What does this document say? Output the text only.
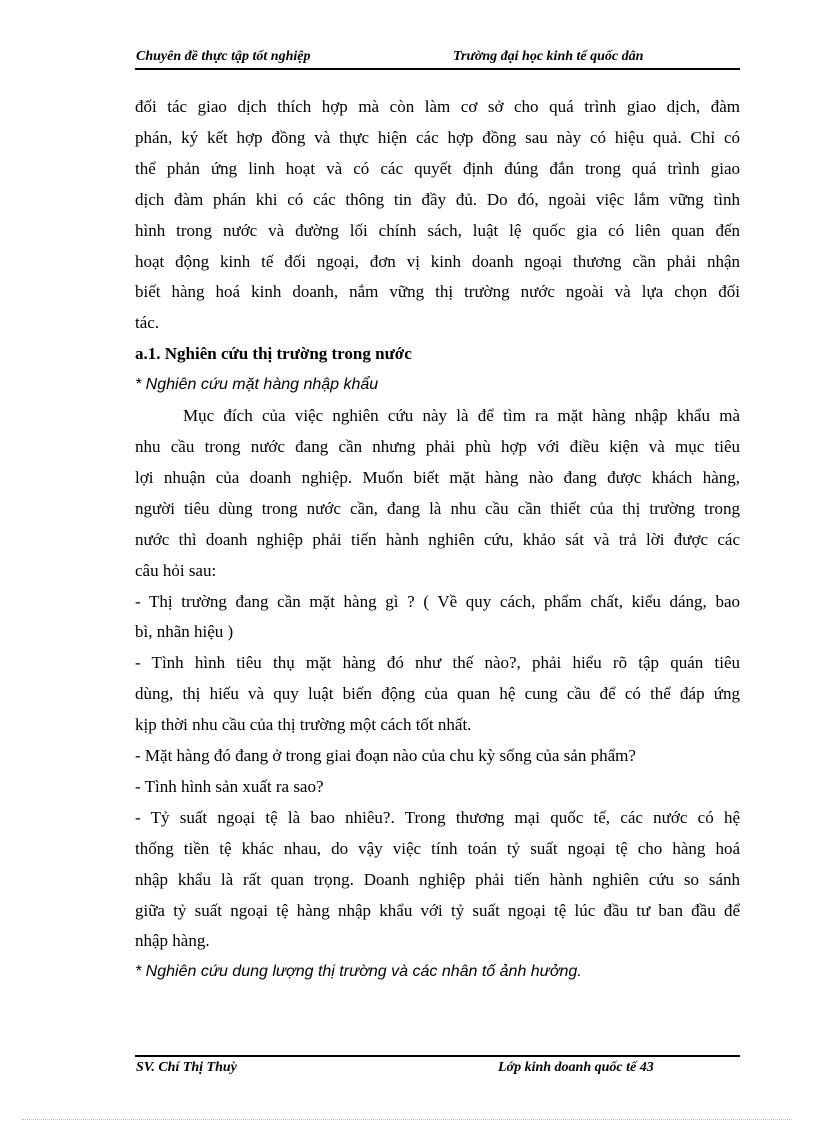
Chuyên đề thực tập tốt nghiệp	Trường đại học kinh tế quốc dân

đối tác giao dịch thích hợp mà còn làm cơ sở cho quá trình giao dịch, đàm

phán, ký kết hợp đồng và thực hiện các hợp đồng sau này có hiệu quả. Chỉ có

thể phản ứng linh hoạt và có các quyết định đúng đắn trong quá trình giao

dịch đàm phán khi có các thông tin đầy đủ. Do đó, ngoài việc lắm vững tình

hình trong nước và đường lối chính sách, luật lệ quốc gia có liên quan đến

hoạt động kinh tế đối ngoại, đơn vị kinh doanh ngoại thương cần phải nhận

biết hàng hoá kinh doanh, nắm vững thị trường nước ngoài và lựa chọn đối

tác.

a.1. Nghiên cứu thị trường trong nước

* Nghiên cứu mặt hàng nhập khẩu

Mục đích của việc nghiên cứu này là để tìm ra mặt hàng nhập khẩu mà

nhu cầu trong nước đang cần nhưng phải phù hợp với điều kiện và mục tiêu

lợi nhuận của doanh nghiệp. Muốn biết mặt hàng nào đang được khách hàng,

người tiêu dùng trong nước cần, đang là nhu cầu cần thiết của thị trường trong

nước thì doanh nghiệp phải tiến hành nghiên cứu, khảo sát và trả lời được các

câu hỏi sau:

- Thị trường đang cần mặt hàng gì ? ( Về quy cách, phẩm chất, kiểu dáng, bao

bì, nhãn hiệu )

- Tình hình tiêu thụ mặt hàng đó như thế nào?, phải hiểu rõ tập quán tiêu

dùng, thị hiếu và quy luật biến động của quan hệ cung cầu để có thể đáp ứng

kịp thời nhu cầu của thị trường một cách tốt nhất.

- Mặt hàng đó đang ở trong giai đoạn nào của chu kỳ sống của sản phẩm?

- Tình hình sản xuất ra sao?

- Tỷ suất ngoại tệ là bao nhiêu?. Trong thương mại quốc tế, các nước có hệ

thống tiền tệ khác nhau, do vậy việc tính toán tỷ suất ngoại tệ cho hàng hoá

nhập khẩu là rất quan trọng. Doanh nghiệp phải tiến hành nghiên cứu so sánh

giữa tỷ suất ngoại tệ hàng nhập khẩu với tỷ suất ngoại tệ lúc đầu tư ban đầu để

nhập hàng.

* Nghiên cứu dung lượng thị trường và các nhân tố ảnh hưởng.

SV. Chí Thị Thuỳ	Lớp kinh doanh quốc tế 43
